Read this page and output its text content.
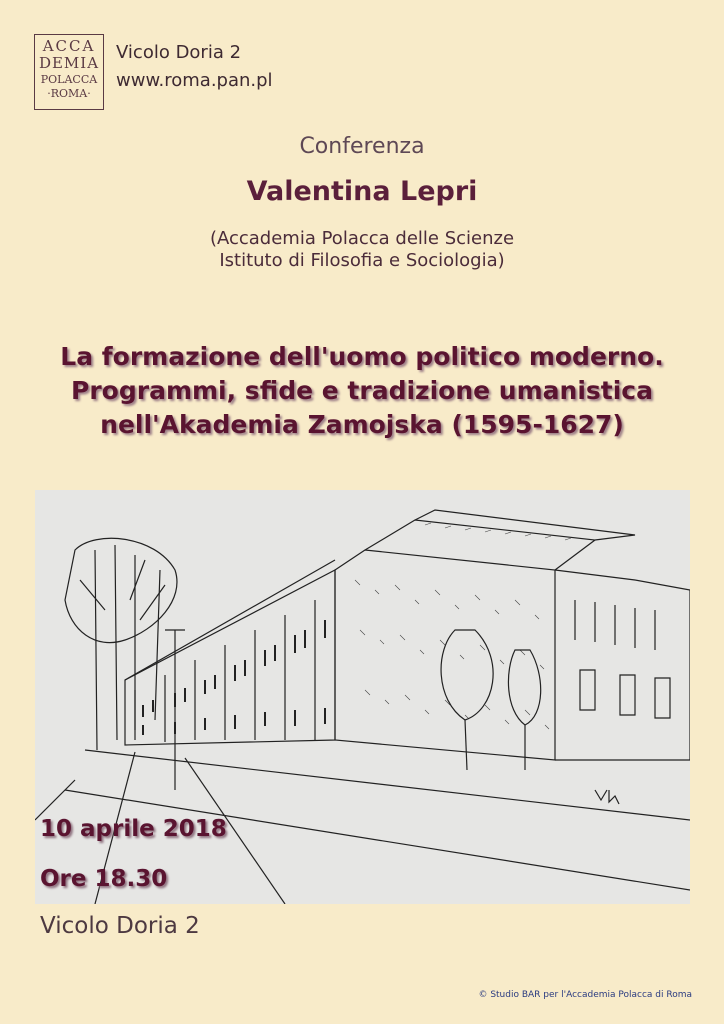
ACCA
DEMIA
POLACCA
·ROMA·
Vicolo Doria 2
www.roma.pan.pl
Conferenza
Valentina Lepri
(Accademia Polacca delle Scienze
Istituto di Filosofia e Sociologia)
La formazione dell'uomo politico moderno.
Programmi, sfide e tradizione umanistica
nell'Akademia Zamojska (1595-1627)
10 aprile 2018
Ore 18.30
Vicolo Doria 2
© Studio BAR per l'Accademia Polacca di Roma
